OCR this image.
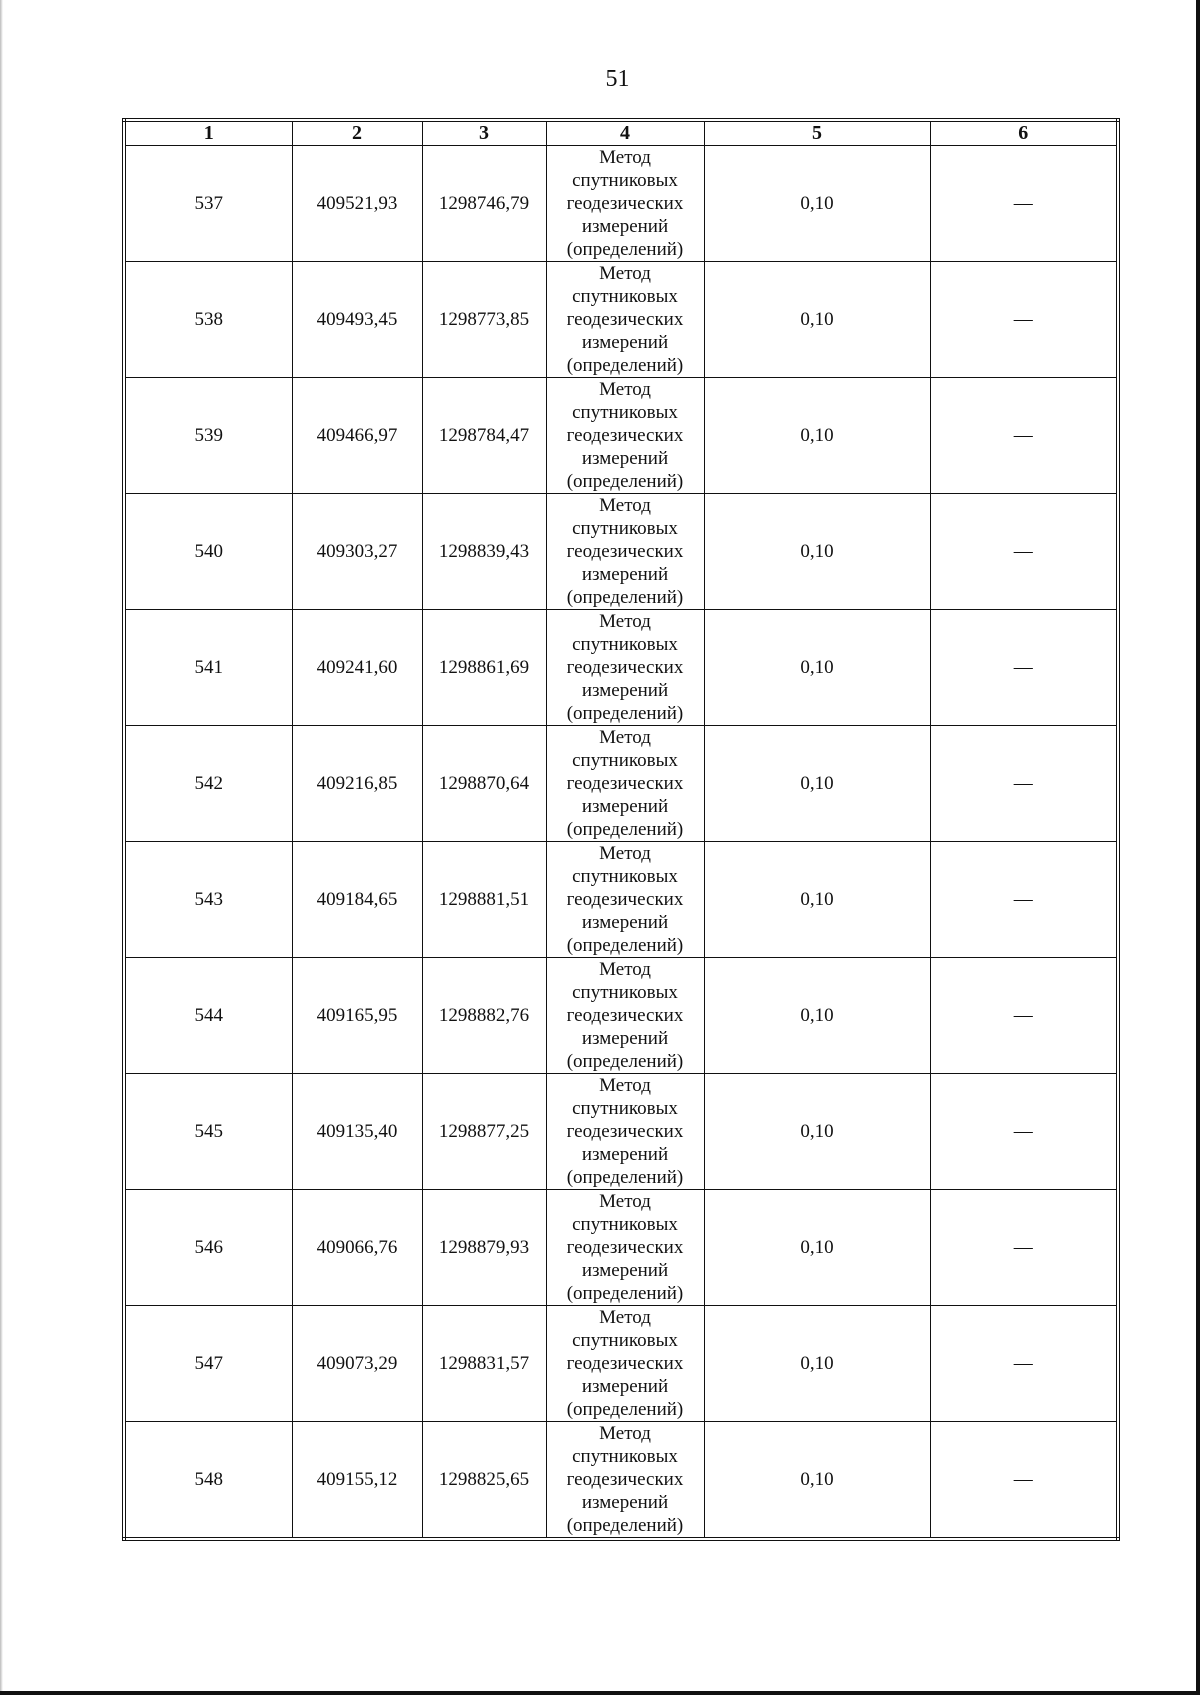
51
1	2	3	4	5	6
537	409521,93	1298746,79	Метод
спутниковых
геодезических
измерений
(определений)	0,10	—
538	409493,45	1298773,85	Метод
спутниковых
геодезических
измерений
(определений)	0,10	—
539	409466,97	1298784,47	Метод
спутниковых
геодезических
измерений
(определений)	0,10	—
540	409303,27	1298839,43	Метод
спутниковых
геодезических
измерений
(определений)	0,10	—
541	409241,60	1298861,69	Метод
спутниковых
геодезических
измерений
(определений)	0,10	—
542	409216,85	1298870,64	Метод
спутниковых
геодезических
измерений
(определений)	0,10	—
543	409184,65	1298881,51	Метод
спутниковых
геодезических
измерений
(определений)	0,10	—
544	409165,95	1298882,76	Метод
спутниковых
геодезических
измерений
(определений)	0,10	—
545	409135,40	1298877,25	Метод
спутниковых
геодезических
измерений
(определений)	0,10	—
546	409066,76	1298879,93	Метод
спутниковых
геодезических
измерений
(определений)	0,10	—
547	409073,29	1298831,57	Метод
спутниковых
геодезических
измерений
(определений)	0,10	—
548	409155,12	1298825,65	Метод
спутниковых
геодезических
измерений
(определений)	0,10	—
